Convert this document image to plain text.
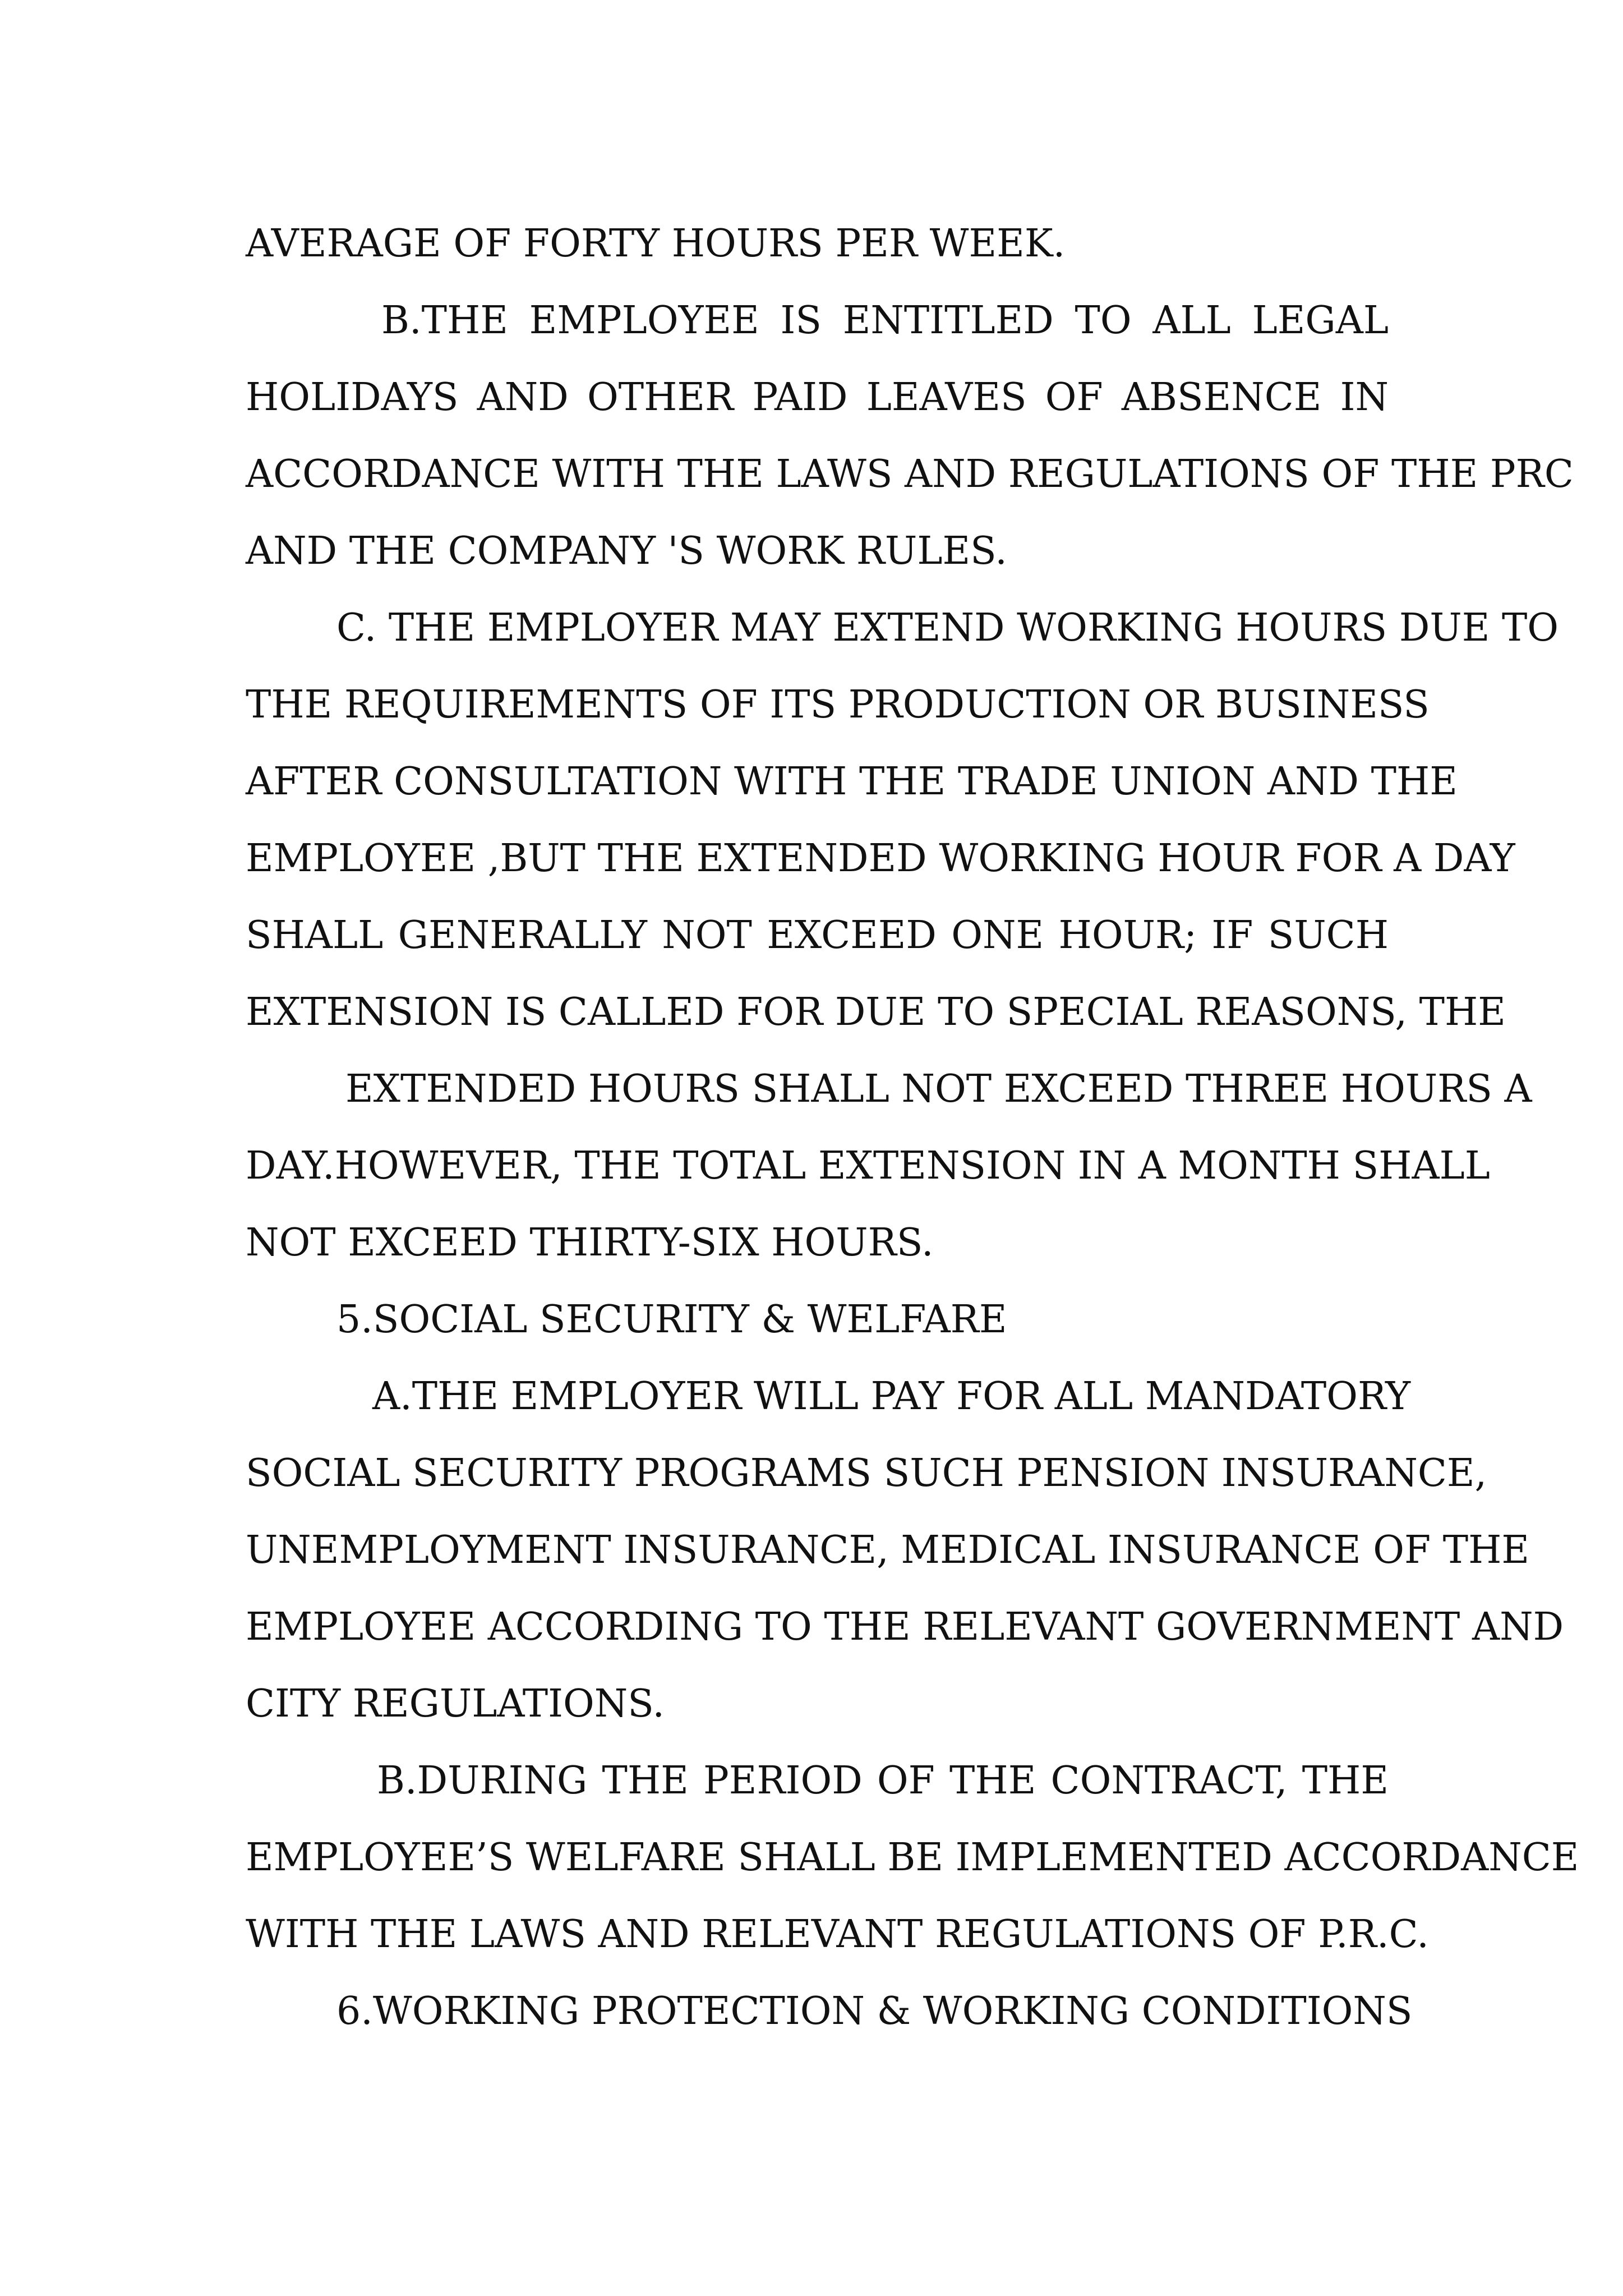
AVERAGE OF FORTY HOURS PER WEEK.

B.THE EMPLOYEE IS ENTITLED TO ALL LEGAL

HOLIDAYS AND OTHER PAID LEAVES OF ABSENCE IN

ACCORDANCE WITH THE LAWS AND REGULATIONS OF THE PRC

AND THE COMPANY 'S WORK RULES.

C. THE EMPLOYER MAY EXTEND WORKING HOURS DUE TO

THE REQUIREMENTS OF ITS PRODUCTION OR BUSINESS

AFTER CONSULTATION WITH THE TRADE UNION AND THE

EMPLOYEE ,BUT THE EXTENDED WORKING HOUR FOR A DAY

SHALL GENERALLY NOT EXCEED ONE HOUR; IF SUCH

EXTENSION IS CALLED FOR DUE TO SPECIAL REASONS, THE

EXTENDED HOURS SHALL NOT EXCEED THREE HOURS A

DAY.HOWEVER, THE TOTAL EXTENSION IN A MONTH SHALL

NOT EXCEED THIRTY-SIX HOURS.

5.SOCIAL SECURITY & WELFARE

A.THE EMPLOYER WILL PAY FOR ALL MANDATORY

SOCIAL SECURITY PROGRAMS SUCH PENSION INSURANCE,

UNEMPLOYMENT INSURANCE, MEDICAL INSURANCE OF THE

EMPLOYEE ACCORDING TO THE RELEVANT GOVERNMENT AND

CITY REGULATIONS.

B.DURING THE PERIOD OF THE CONTRACT, THE

EMPLOYEE’S WELFARE SHALL BE IMPLEMENTED ACCORDANCE

WITH THE LAWS AND RELEVANT REGULATIONS OF P.R.C.

6.WORKING PROTECTION & WORKING CONDITIONS
